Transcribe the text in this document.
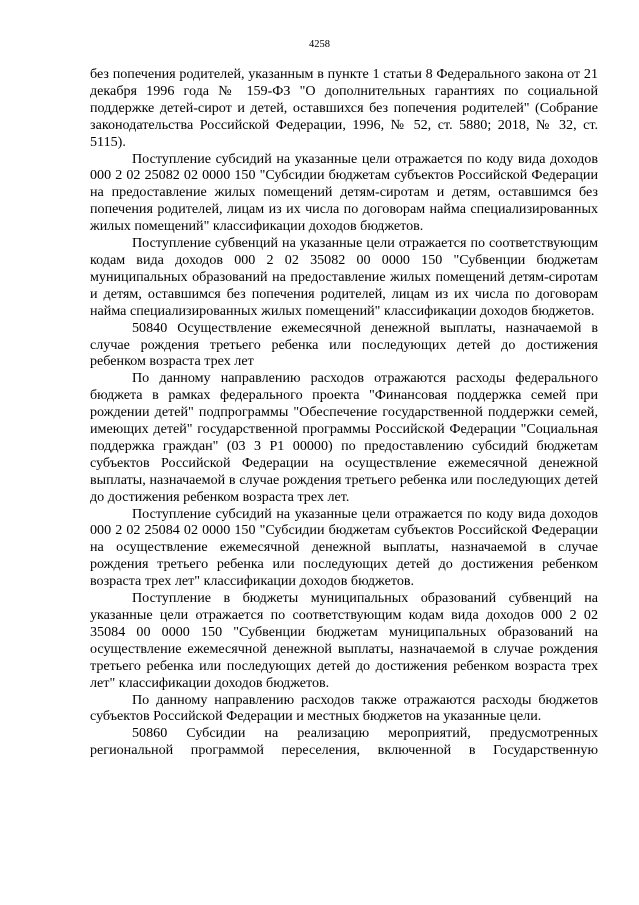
4258

без попечения родителей, указанным в пункте 1 статьи 8 Федерального закона от 21 декабря 1996 года № 159-ФЗ "О дополнительных гарантиях по социальной поддержке детей-сирот и детей, оставшихся без попечения родителей" (Собрание законодательства Российской Федерации, 1996, № 52, ст. 5880; 2018, № 32, ст. 5115).

Поступление субсидий на указанные цели отражается по коду вида доходов 000 2 02 25082 02 0000 150 "Субсидии бюджетам субъектов Российской Федерации на предоставление жилых помещений детям-сиротам и детям, оставшимся без попечения родителей, лицам из их числа по договорам найма специализированных жилых помещений" классификации доходов бюджетов.

Поступление субвенций на указанные цели отражается по соответствующим кодам вида доходов 000 2 02 35082 00 0000 150 "Субвенции бюджетам муниципальных образований на предоставление жилых помещений детям-сиротам и детям, оставшимся без попечения родителей, лицам из их числа по договорам найма специализированных жилых помещений" классификации доходов бюджетов.

50840 Осуществление ежемесячной денежной выплаты, назначаемой в случае рождения третьего ребенка или последующих детей до достижения ребенком возраста трех лет

По данному направлению расходов отражаются расходы федерального бюджета в рамках федерального проекта "Финансовая поддержка семей при рождении детей" подпрограммы "Обеспечение государственной поддержки семей, имеющих детей" государственной программы Российской Федерации "Социальная поддержка граждан" (03 3 P1 00000) по предоставлению субсидий бюджетам субъектов Российской Федерации на осуществление ежемесячной денежной выплаты, назначаемой в случае рождения третьего ребенка или последующих детей до достижения ребенком возраста трех лет.

Поступление субсидий на указанные цели отражается по коду вида доходов 000 2 02 25084 02 0000 150 "Субсидии бюджетам субъектов Российской Федерации на осуществление ежемесячной денежной выплаты, назначаемой в случае рождения третьего ребенка или последующих детей до достижения ребенком возраста трех лет" классификации доходов бюджетов.

Поступление в бюджеты муниципальных образований субвенций на указанные цели отражается по соответствующим кодам вида доходов 000 2 02 35084 00 0000 150 "Субвенции бюджетам муниципальных образований на осуществление ежемесячной денежной выплаты, назначаемой в случае рождения третьего ребенка или последующих детей до достижения ребенком возраста трех лет" классификации доходов бюджетов.

По данному направлению расходов также отражаются расходы бюджетов субъектов Российской Федерации и местных бюджетов на указанные цели.

50860 Субсидии на реализацию мероприятий, предусмотренных региональной программой переселения, включенной в Государственную
